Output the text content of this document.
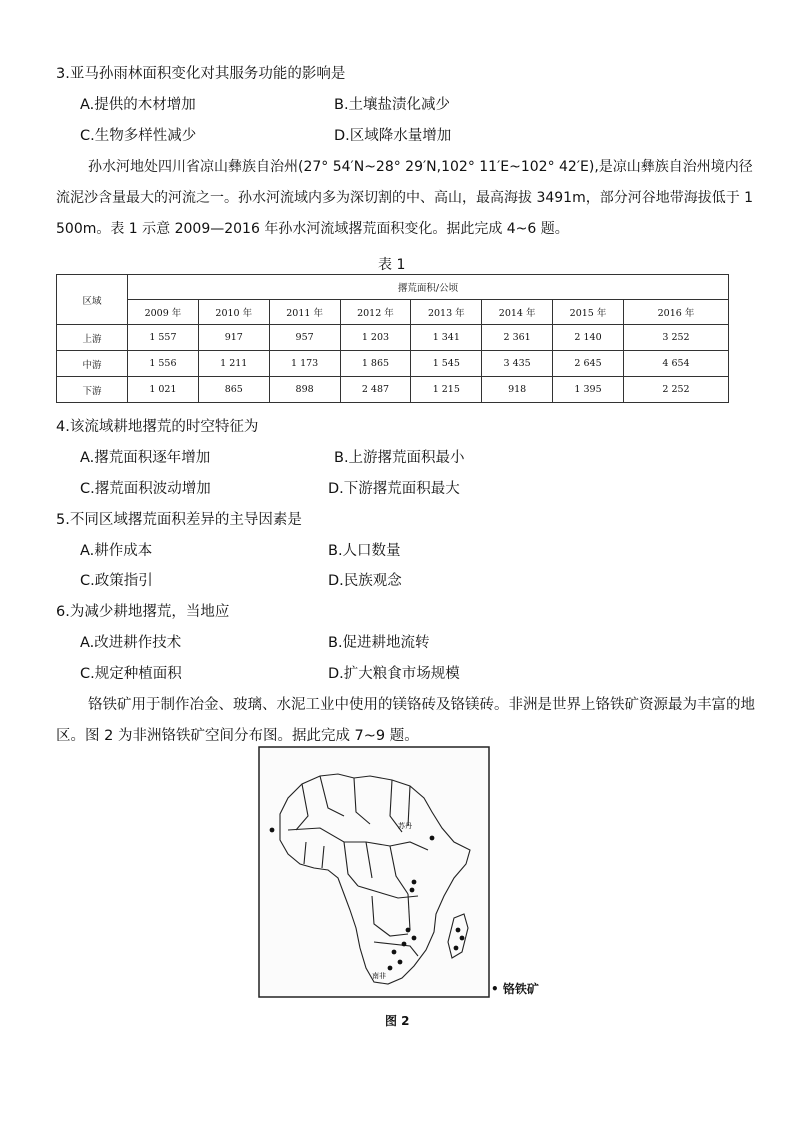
3.亚马孙雨林面积变化对其服务功能的影响是
A.提供的木材增加	B.土壤盐渍化减少
C.生物多样性减少	D.区域降水量增加
孙水河地处四川省凉山彝族自治州(27° 54′N~28° 29′N,102° 11′E~102° 42′E),是凉山彝族自治州境内径
流泥沙含量最大的河流之一。孙水河流域内多为深切割的中、高山，最高海拔 3491m，部分河谷地带海拔低于 1
500m。表 1 示意 2009—2016 年孙水河流域撂荒面积变化。据此完成 4~6 题。
表 1
区域	撂荒面积/公顷							
	2009 年	2010 年	2011 年	2012 年	2013 年	2014 年	2015 年	2016 年
上游	1 557	917	957	1 203	1 341	2 361	2 140	3 252
中游	1 556	1 211	1 173	1 865	1 545	3 435	2 645	4 654
下游	1 021	865	898	2 487	1 215	918	1 395	2 252
4.该流域耕地撂荒的时空特征为
A.撂荒面积逐年增加	B.上游撂荒面积最小
C.撂荒面积波动增加	D.下游撂荒面积最大
5.不同区域撂荒面积差异的主导因素是
A.耕作成本	B.人口数量
C.政策指引	D.民族观念
6.为减少耕地撂荒，当地应
A.改进耕作技术	B.促进耕地流转
C.规定种植面积	D.扩大粮食市场规模
铬铁矿用于制作冶金、玻璃、水泥工业中使用的镁铬砖及铬镁砖。非洲是世界上铬铁矿资源最为丰富的地
区。图 2 为非洲铬铁矿空间分布图。据此完成 7~9 题。
苏丹
南非
• 铬铁矿
图 2
